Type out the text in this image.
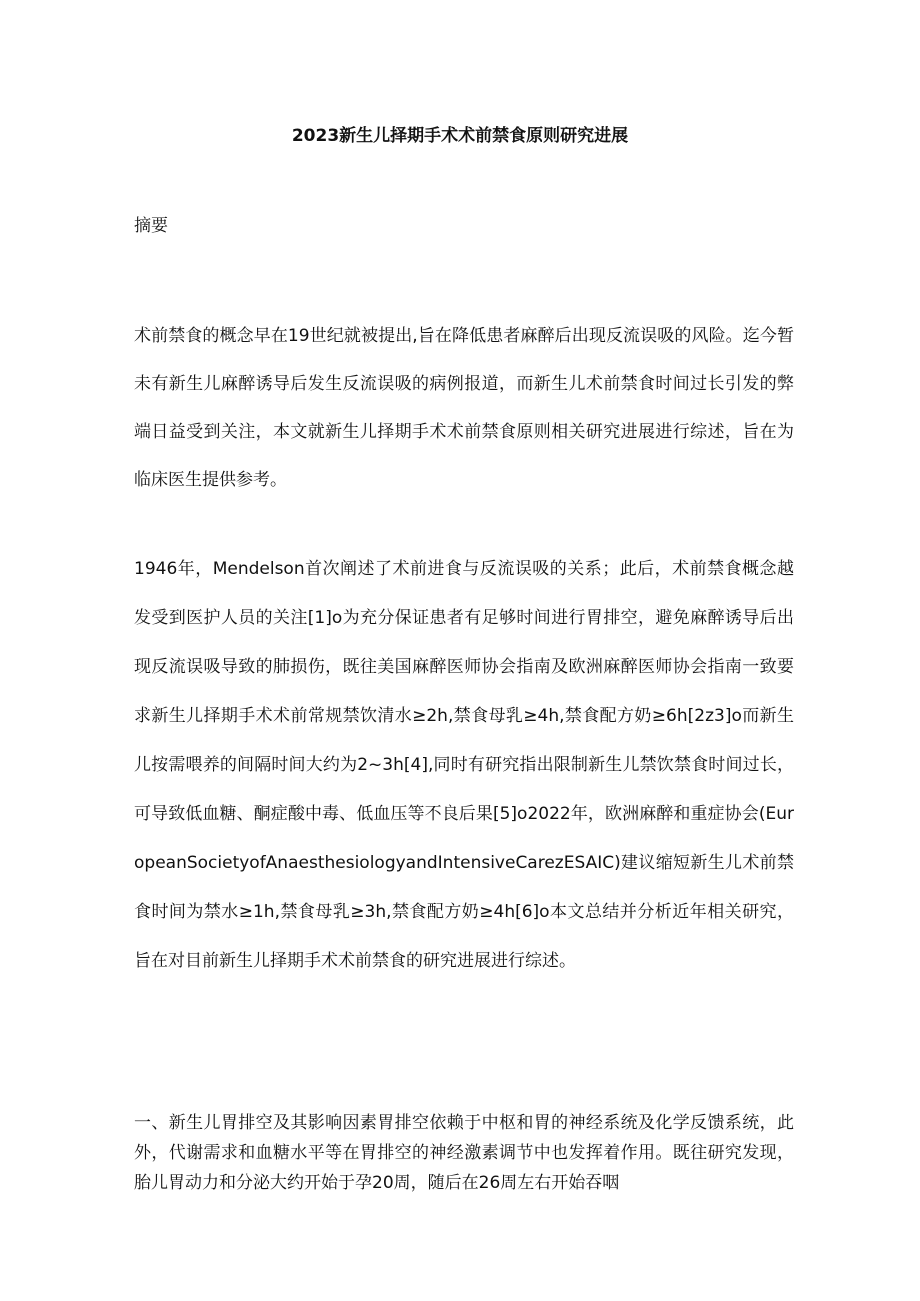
2023新生儿择期手术术前禁食原则研究进展
摘要

术前禁食的概念早在19世纪就被提出,旨在降低患者麻醉后出现反流误吸的风险。迄今暂未有新生儿麻醉诱导后发生反流误吸的病例报道，而新生儿术前禁食时间过长引发的弊端日益受到关注，本文就新生儿择期手术术前禁食原则相关研究进展进行综述，旨在为临床医生提供参考。

1946年，Mendelson首次阐述了术前进食与反流误吸的关系；此后，术前禁食概念越发受到医护人员的关注[1]o为充分保证患者有足够时间进行胃排空，避免麻醉诱导后出现反流误吸导致的肺损伤，既往美国麻醉医师协会指南及欧洲麻醉医师协会指南一致要求新生儿择期手术术前常规禁饮清水≥2h,禁食母乳≥4h,禁食配方奶≥6h[2z3]o而新生儿按需喂养的间隔时间大约为2~3h[4],同时有研究指出限制新生儿禁饮禁食时间过长，可导致低血糖、酮症酸中毒、低血压等不良后果[5]o2022年，欧洲麻醉和重症协会(EuropeanSocietyofAnaesthesiologyandIntensiveCarezESAIC)建议缩短新生儿术前禁食时间为禁水≥1h,禁食母乳≥3h,禁食配方奶≥4h[6]o本文总结并分析近年相关研究，旨在对目前新生儿择期手术术前禁食的研究进展进行综述。

一、新生儿胃排空及其影响因素胃排空依赖于中枢和胃的神经系统及化学反馈系统，此外，代谢需求和血糖水平等在胃排空的神经激素调节中也发挥着作用。既往研究发现，胎儿胃动力和分泌大约开始于孕20周，随后在26周左右开始吞咽
